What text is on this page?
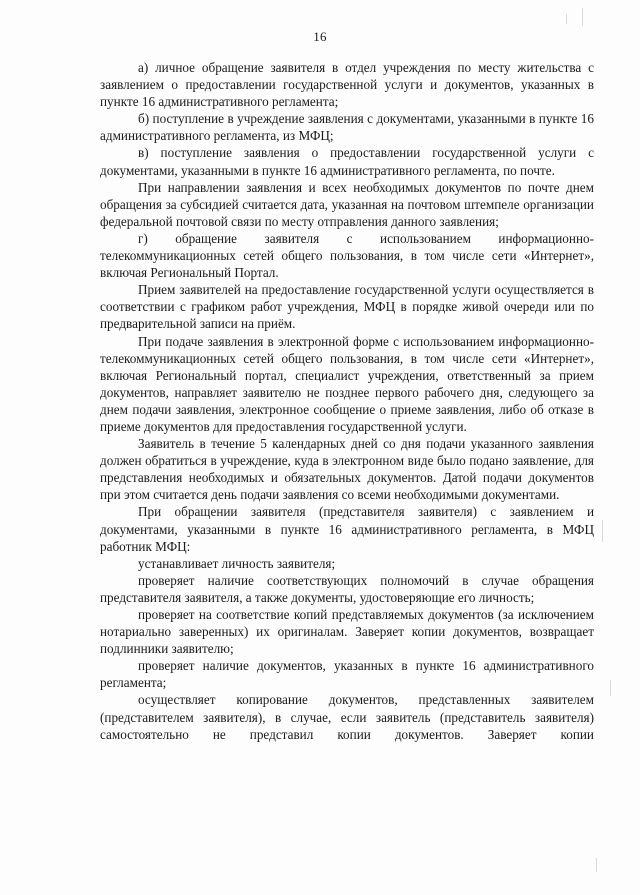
16

а) личное обращение заявителя в отдел учреждения по месту жительства с заявлением о предоставлении государственной услуги и документов, указанных в пункте 16 административного регламента;

б) поступление в учреждение заявления с документами, указанными в пункте 16 административного регламента, из МФЦ;

в) поступление заявления о предоставлении государственной услуги с документами, указанными в пункте 16 административного регламента, по почте.

При направлении заявления и всех необходимых документов по почте днем обращения за субсидией считается дата, указанная на почтовом штемпеле организации федеральной почтовой связи по месту отправления данного заявления;

г) обращение заявителя с использованием информационно-телекоммуникационных сетей общего пользования, в том числе сети «Интернет», включая Региональный Портал.

Прием заявителей на предоставление государственной услуги осуществляется в соответствии с графиком работ учреждения, МФЦ в порядке живой очереди или по предварительной записи на приём.

При подаче заявления в электронной форме с использованием информационно-телекоммуникационных сетей общего пользования, в том числе сети «Интернет», включая Региональный портал, специалист учреждения, ответственный за прием документов, направляет заявителю не позднее первого рабочего дня, следующего за днем подачи заявления, электронное сообщение о приеме заявления, либо об отказе в приеме документов для предоставления государственной услуги.

Заявитель в течение 5 календарных дней со дня подачи указанного заявления должен обратиться в учреждение, куда в электронном виде было подано заявление, для представления необходимых и обязательных документов. Датой подачи документов при этом считается день подачи заявления со всеми необходимыми документами.

При обращении заявителя (представителя заявителя) с заявлением и документами, указанными в пункте 16 административного регламента, в МФЦ работник МФЦ:

устанавливает личность заявителя;

проверяет наличие соответствующих полномочий в случае обращения представителя заявителя, а также документы, удостоверяющие его личность;

проверяет на соответствие копий представляемых документов (за исключением нотариально заверенных) их оригиналам. Заверяет копии документов, возвращает подлинники заявителю;

проверяет наличие документов, указанных в пункте 16 административного регламента;

осуществляет копирование документов, представленных заявителем (представителем заявителя), в случае, если заявитель (представитель заявителя) самостоятельно не представил копии документов. Заверяет копии
